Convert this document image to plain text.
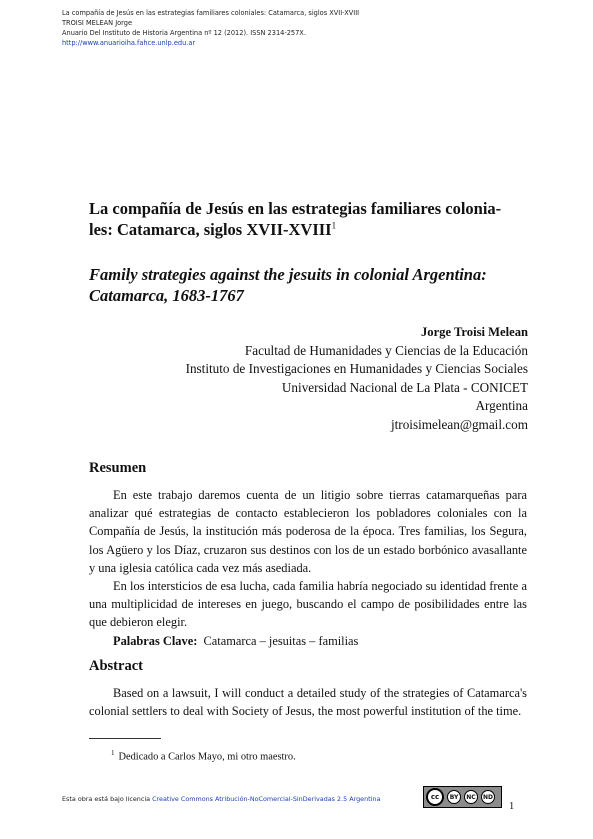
La compañía de Jesús en las estrategias familiares coloniales: Catamarca, siglos XVII-XVIII
TROISI MELEAN Jorge
Anuario Del Instituto de Historia Argentina nº 12 (2012). ISSN 2314-257X.
http://www.anuarioiha.fahce.unlp.edu.ar
La compañía de Jesús en las estrategias familiares colonia-
les: Catamarca, siglos XVII-XVIII$^1$
Family strategies against the jesuits in colonial Argentina:
Catamarca, 1683-1767
Jorge Troisi Melean
Facultad de Humanidades y Ciencias de la Educación
Instituto de Investigaciones en Humanidades y Ciencias Sociales
Universidad Nacional de La Plata - CONICET
Argentina
jtroisimelean@gmail.com
Resumen

En este trabajo daremos cuenta de un litigio sobre tierras catamarqueñas para analizar qué estrategias de contacto establecieron los pobladores coloniales con la Compañía de Jesús, la institución más poderosa de la época. Tres familias, los Segura, los Agüero y los Díaz, cruzaron sus destinos con los de un estado borbónico avasallante y una iglesia católica cada vez más asediada.

En los intersticios de esa lucha, cada familia habría negociado su identidad frente a una multiplicidad de intereses en juego, buscando el campo de posibilidades entre las que debieron elegir.

Palabras Clave: Catamarca – jesuitas – familias

Abstract

Based on a lawsuit, I will conduct a detailed study of the strategies of Catamarca's colonial settlers to deal with Society of Jesus, the most powerful institution of the time.

$^1$ Dedicado a Carlos Mayo, mi otro maestro.
Esta obra está bajo licencia Creative Commons Atribución-NoComercial-SinDerivadas 2.5 Argentina	cc	BY	NC	ND
1
